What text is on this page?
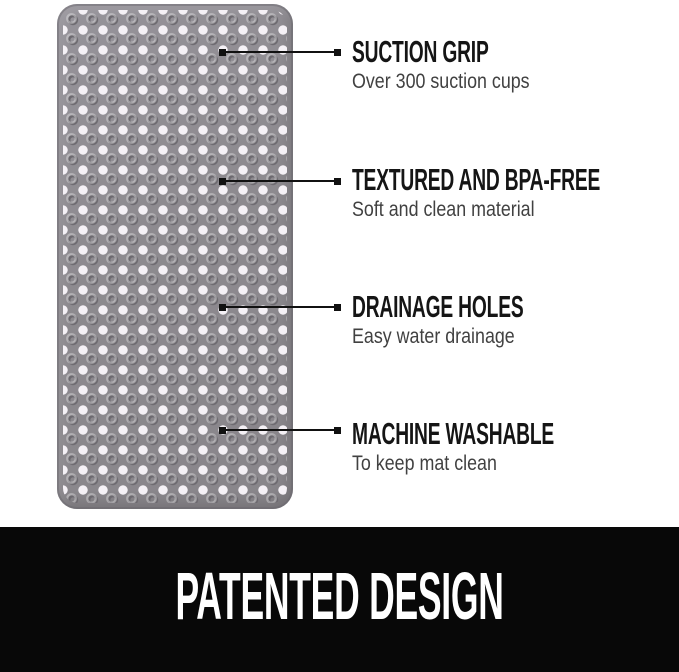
SUCTION GRIP

Over 300 suction cups

TEXTURED AND BPA-FREE

Soft and clean material

DRAINAGE HOLES

Easy water drainage

MACHINE WASHABLE

To keep mat clean

PATENTED DESIGN
